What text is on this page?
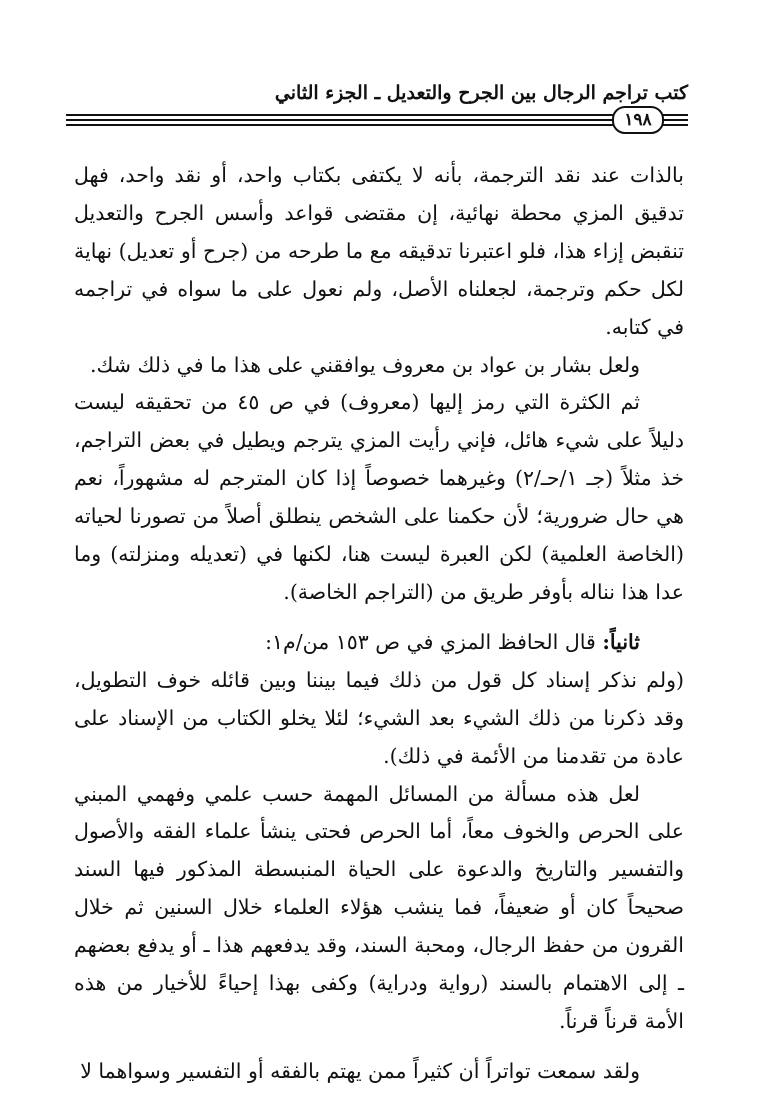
كتب تراجم الرجال بين الجرح والتعديل ـ الجزء الثاني
١٩٨

بالذات عند نقد الترجمة، بأنه لا يكتفى بكتاب واحد، أو نقد واحد، فهل تدقيق المزي محطة نهائية، إن مقتضى قواعد وأسس الجرح والتعديل تنقبض إزاء هذا، فلو اعتبرنا تدقيقه مع ما طرحه من (جرح أو تعديل) نهاية لكل حكم وترجمة، لجعلناه الأصل، ولم نعول على ما سواه في تراجمه في كتابه.

ولعل بشار بن عواد بن معروف يوافقني على هذا ما في ذلك شك.

ثم الكثرة التي رمز إليها (معروف) في ص ٤٥ من تحقيقه ليست دليلاً على شيء هائل، فإني رأيت المزي يترجم ويطيل في بعض التراجم، خذ مثلاً (جـ ١/حـ/٢) وغيرهما خصوصاً إذا كان المترجم له مشهوراً، نعم هي حال ضرورية؛ لأن حكمنا على الشخص ينطلق أصلاً من تصورنا لحياته (الخاصة العلمية) لكن العبرة ليست هنا، لكنها في (تعديله ومنزلته) وما عدا هذا نناله بأوفر طريق من (التراجم الخاصة).

ثانياً: قال الحافظ المزي في ص ١٥٣ من/م١:

(ولم نذكر إسناد كل قول من ذلك فيما بيننا وبين قائله خوف التطويل، وقد ذكرنا من ذلك الشيء بعد الشيء؛ لئلا يخلو الكتاب من الإسناد على عادة من تقدمنا من الأئمة في ذلك).

لعل هذه مسألة من المسائل المهمة حسب علمي وفهمي المبني على الحرص والخوف معاً، أما الحرص فحتى ينشأ علماء الفقه والأصول والتفسير والتاريخ والدعوة على الحياة المنبسطة المذكور فيها السند صحيحاً كان أو ضعيفاً، فما ينشب هؤلاء العلماء خلال السنين ثم خلال القرون من حفظ الرجال، ومحبة السند، وقد يدفعهم هذا ـ أو يدفع بعضهم ـ إلى الاهتمام بالسند (رواية ودراية) وكفى بهذا إحياءً للأخيار من هذه الأمة قرناً قرناً.

ولقد سمعت تواتراً أن كثيراً ممن يهتم بالفقه أو التفسير وسواهما لا
